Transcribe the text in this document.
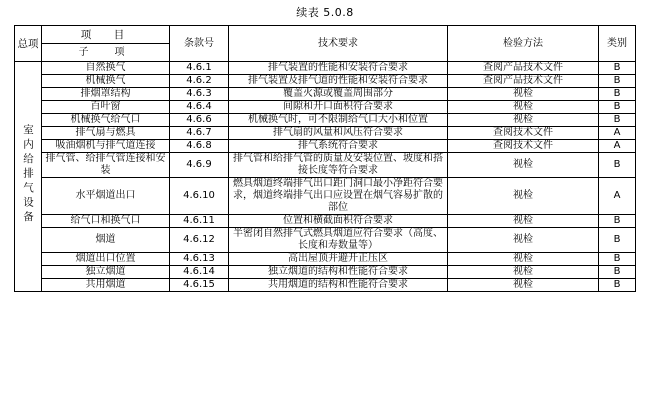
续表 5.0.8
总项	项　目	条款号	技术要求	检验方法	类别
	子　项				
室内给排气设备	自然换气	4.6.1	排气装置的性能和安装符合要求	查阅产品技术文件	B
	机械换气	4.6.2	排气装置及排气道的性能和安装符合要求	查阅产品技术文件	B
	排烟罩结构	4.6.3	覆盖火源或覆盖周围部分	视检	B
	百叶窗	4.6.4	间隙和开口面积符合要求	视检	B
	机械换气给气口	4.6.6	机械换气时，可不限制给气口大小和位置	视检	B
	排气扇与燃具	4.6.7	排气扇的风量和风压符合要求	查阅技术文件	A
	吸油烟机与排气道连接	4.6.8	排气系统符合要求	查阅技术文件	A
	排气管、给排气管连接和安装	4.6.9	排气管和给排气管的质量及安装位置、坡度和搭接长度等符合要求	视检	B
	水平烟道出口	4.6.10	燃具烟道终端排气出口距门洞口最小净距符合要求，烟道终端排气出口应设置在烟气容易扩散的部位	视检	A
	给气口和换气口	4.6.11	位置和横截面积符合要求	视检	B
	烟道	4.6.12	半密闭自然排气式燃具烟道应符合要求（高度、长度和寿数量等）	视检	B
	烟道出口位置	4.6.13	高出屋顶并避开正压区	视检	B
	独立烟道	4.6.14	独立烟道的结构和性能符合要求	视检	B
	共用烟道	4.6.15	共用烟道的结构和性能符合要求	视检	B
